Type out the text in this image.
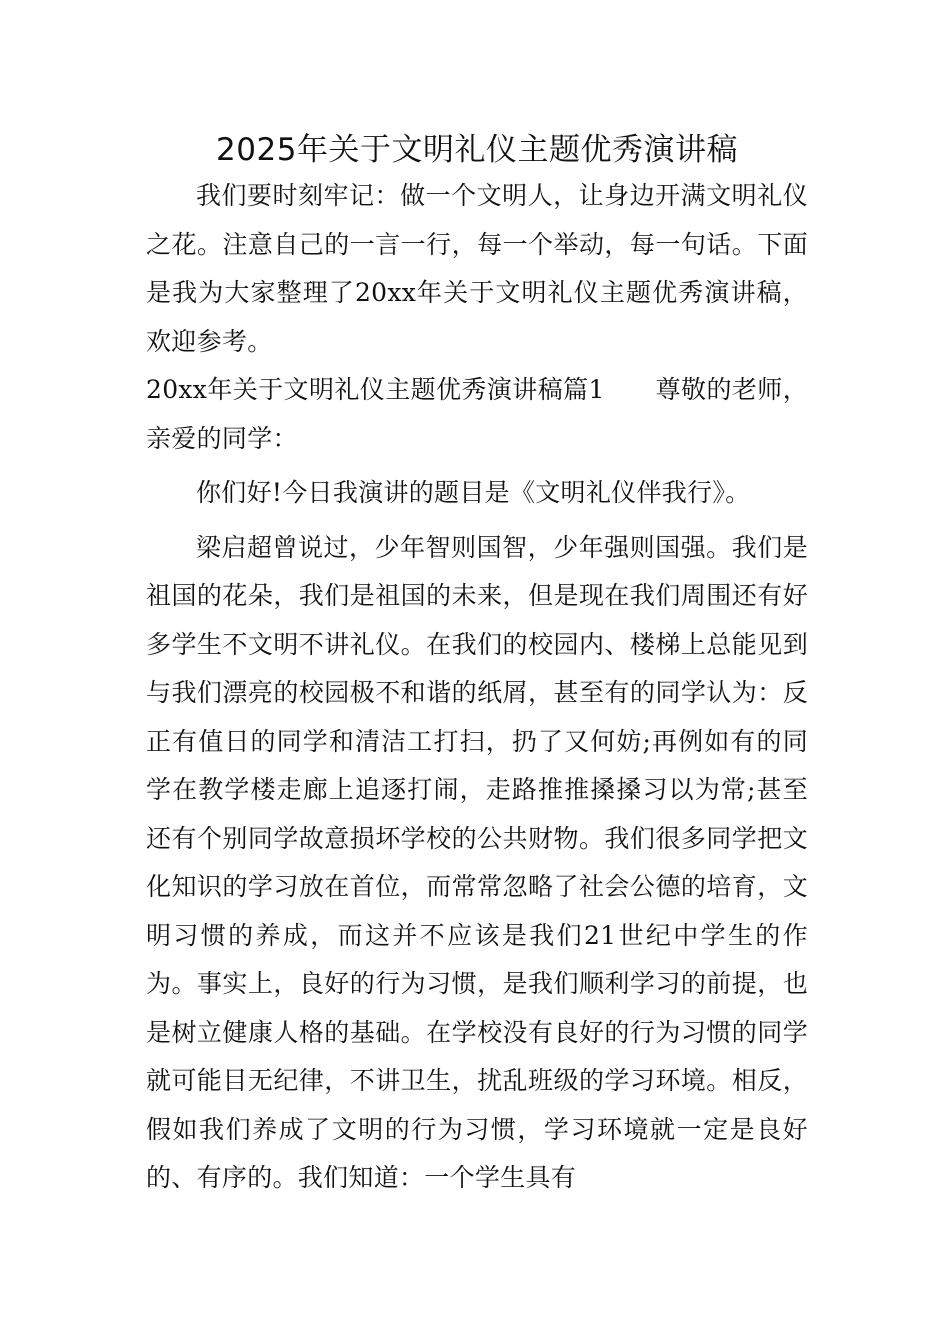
2025年关于文明礼仪主题优秀演讲稿

我们要时刻牢记：做一个文明人，让身边开满文明礼仪之花。注意自己的一言一行，每一个举动，每一句话。下面是我为大家整理了20xx年关于文明礼仪主题优秀演讲稿，欢迎参考。

20xx年关于文明礼仪主题优秀演讲稿篇1　　尊敬的老师，亲爱的同学：

你们好!今日我演讲的题目是《文明礼仪伴我行》。

梁启超曾说过，少年智则国智，少年强则国强。我们是祖国的花朵，我们是祖国的未来，但是现在我们周围还有好多学生不文明不讲礼仪。在我们的校园内、楼梯上总能见到与我们漂亮的校园极不和谐的纸屑，甚至有的同学认为：反正有值日的同学和清洁工打扫，扔了又何妨;再例如有的同学在教学楼走廊上追逐打闹，走路推推搡搡习以为常;甚至还有个别同学故意损坏学校的公共财物。我们很多同学把文化知识的学习放在首位，而常常忽略了社会公德的培育，文明习惯的养成，而这并不应该是我们21世纪中学生的作为。事实上，良好的行为习惯，是我们顺利学习的前提，也是树立健康人格的基础。在学校没有良好的行为习惯的同学就可能目无纪律，不讲卫生，扰乱班级的学习环境。相反，假如我们养成了文明的行为习惯，学习环境就一定是良好的、有序的。我们知道：一个学生具有
